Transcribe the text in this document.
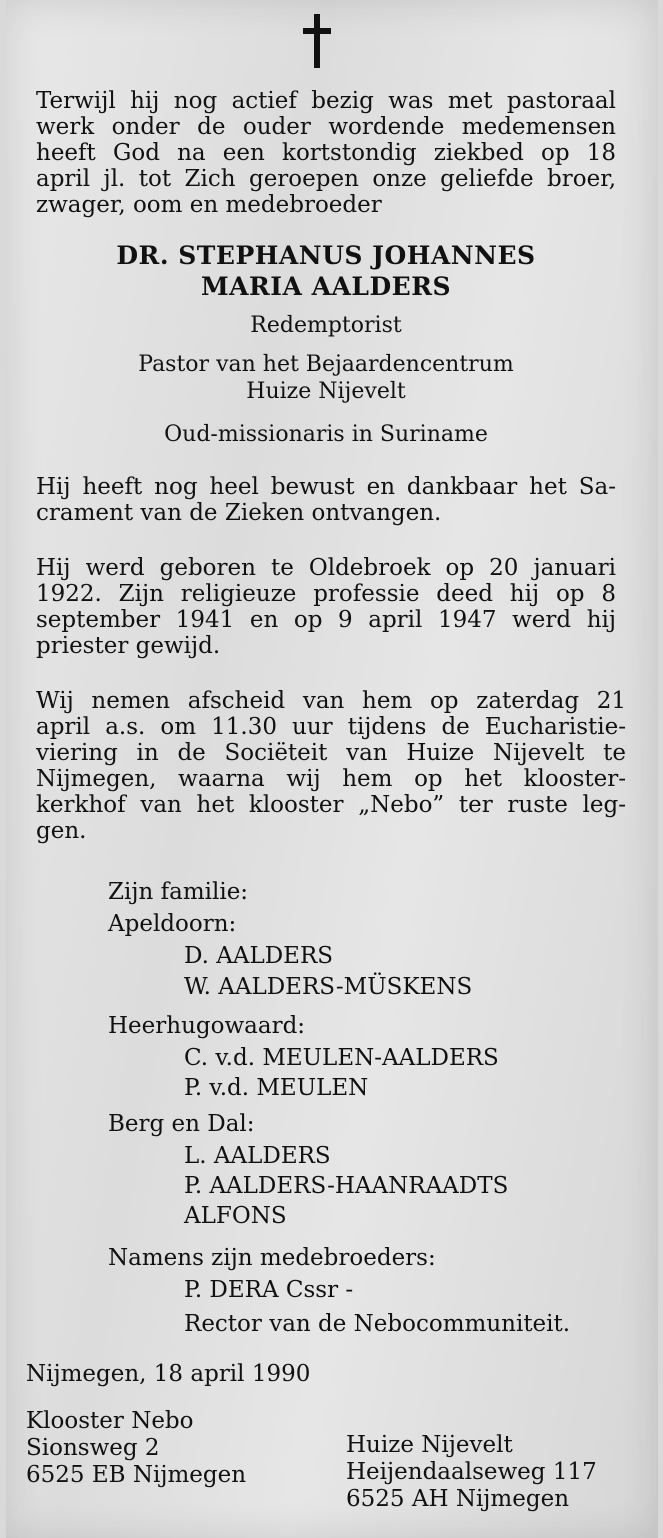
Terwijl hij nog actief bezig was met pastoraal
werk onder de ouder wordende medemensen
heeft God na een kortstondig ziekbed op 18
april jl. tot Zich geroepen onze geliefde broer,
zwager, oom en medebroeder
DR. STEPHANUS JOHANNES
MARIA AALDERS
Redemptorist
Pastor van het Bejaardencentrum
Huize Nijevelt
Oud-missionaris in Suriname
Hij heeft nog heel bewust en dankbaar het Sa-
crament van de Zieken ontvangen.
Hij werd geboren te Oldebroek op 20 januari
1922. Zijn religieuze professie deed hij op 8
september 1941 en op 9 april 1947 werd hij
priester gewijd.
Wij nemen afscheid van hem op zaterdag 21
april a.s. om 11.30 uur tijdens de Eucharistie-
viering in de Sociëteit van Huize Nijevelt te
Nijmegen, waarna wij hem op het klooster-
kerkhof van het klooster „Nebo” ter ruste leg-
gen.
Zijn familie:
Apeldoorn:
D. AALDERS
W. AALDERS-MÜSKENS
Heerhugowaard:
C. v.d. MEULEN-AALDERS
P. v.d. MEULEN
Berg en Dal:
L. AALDERS
P. AALDERS-HAANRAADTS
ALFONS
Namens zijn medebroeders:
P. DERA Cssr -
Rector van de Nebocommuniteit.
Nijmegen, 18 april 1990
Klooster Nebo
Sionsweg 2
6525 EB Nijmegen
Huize Nijevelt
Heijendaalseweg 117
6525 AH Nijmegen
